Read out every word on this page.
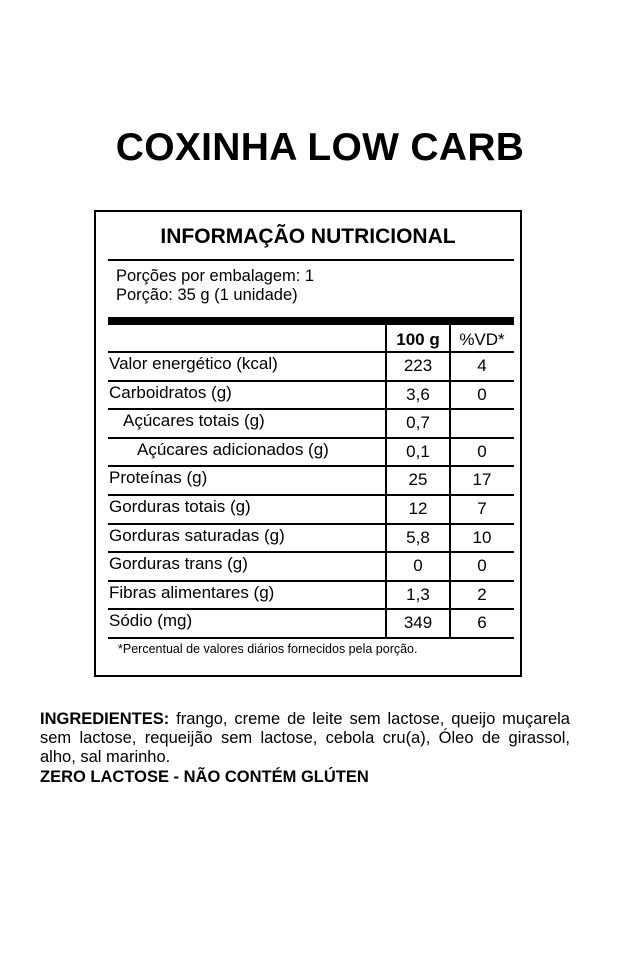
COXINHA LOW CARB
INFORMAÇÃO NUTRICIONAL
Porções por embalagem: 1
Porção: 35 g (1 unidade)
100 g	%VD*
Valor energético (kcal)	223	4
Carboidratos (g)	3,6	0
Açúcares totais (g)	0,7
Açúcares adicionados (g)	0,1	0
Proteínas (g)	25	17
Gorduras totais (g)	12	7
Gorduras saturadas (g)	5,8	10
Gorduras trans (g)	0	0
Fibras alimentares (g)	1,3	2
Sódio (mg)	349	6
*Percentual de valores diários fornecidos pela porção.
INGREDIENTES: frango, creme de leite sem lactose, queijo muçarela sem lactose, requeijão sem lactose, cebola cru(a), Óleo de girassol, alho, sal marinho.
ZERO LACTOSE - NÃO CONTÉM GLÚTEN
